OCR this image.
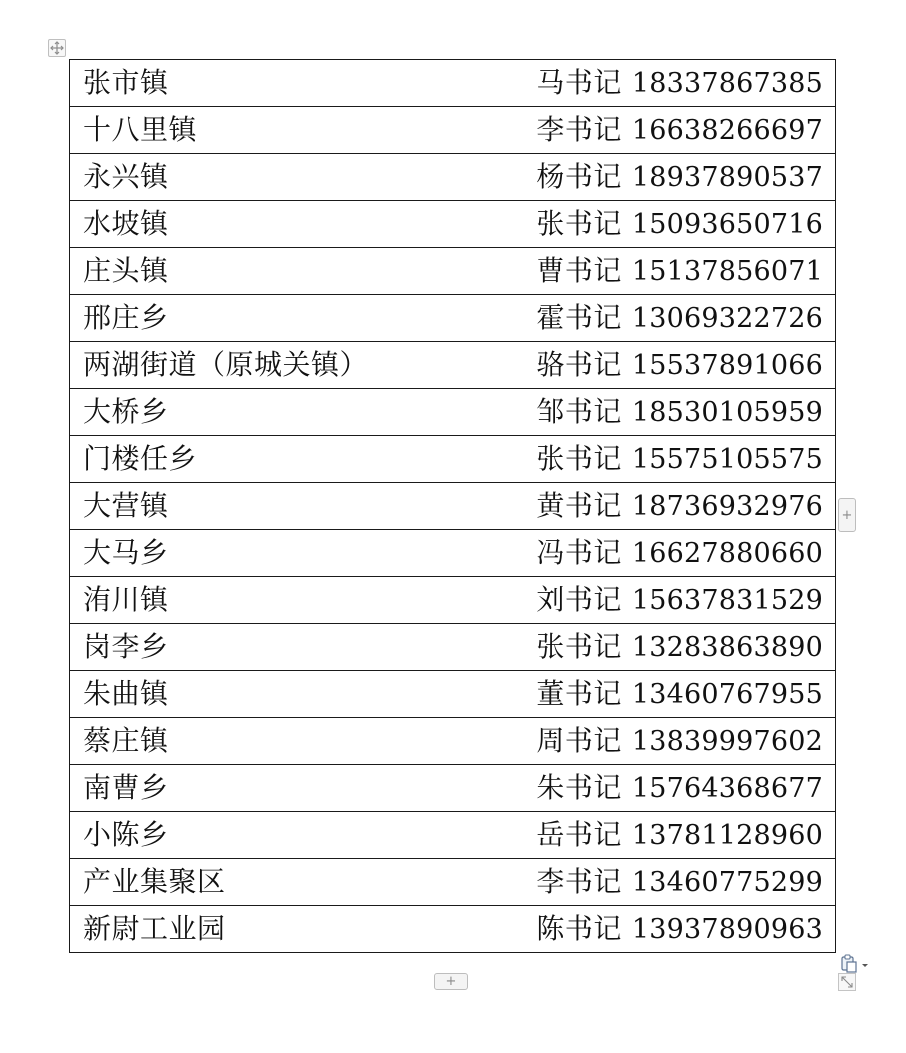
张市镇	马书记 18337867385

十八里镇	李书记 16638266697

永兴镇	杨书记 18937890537

水坡镇	张书记 15093650716

庄头镇	曹书记 15137856071

邢庄乡	霍书记 13069322726

两湖街道（原城关镇）	骆书记 15537891066

大桥乡	邹书记 18530105959

门楼任乡	张书记 15575105575

大营镇	黄书记 18736932976

大马乡	冯书记 16627880660

洧川镇	刘书记 15637831529

岗李乡	张书记 13283863890

朱曲镇	董书记 13460767955

蔡庄镇	周书记 13839997602

南曹乡	朱书记 15764368677

小陈乡	岳书记 13781128960

产业集聚区	李书记 13460775299

新尉工业园	陈书记 13937890963
+
+
